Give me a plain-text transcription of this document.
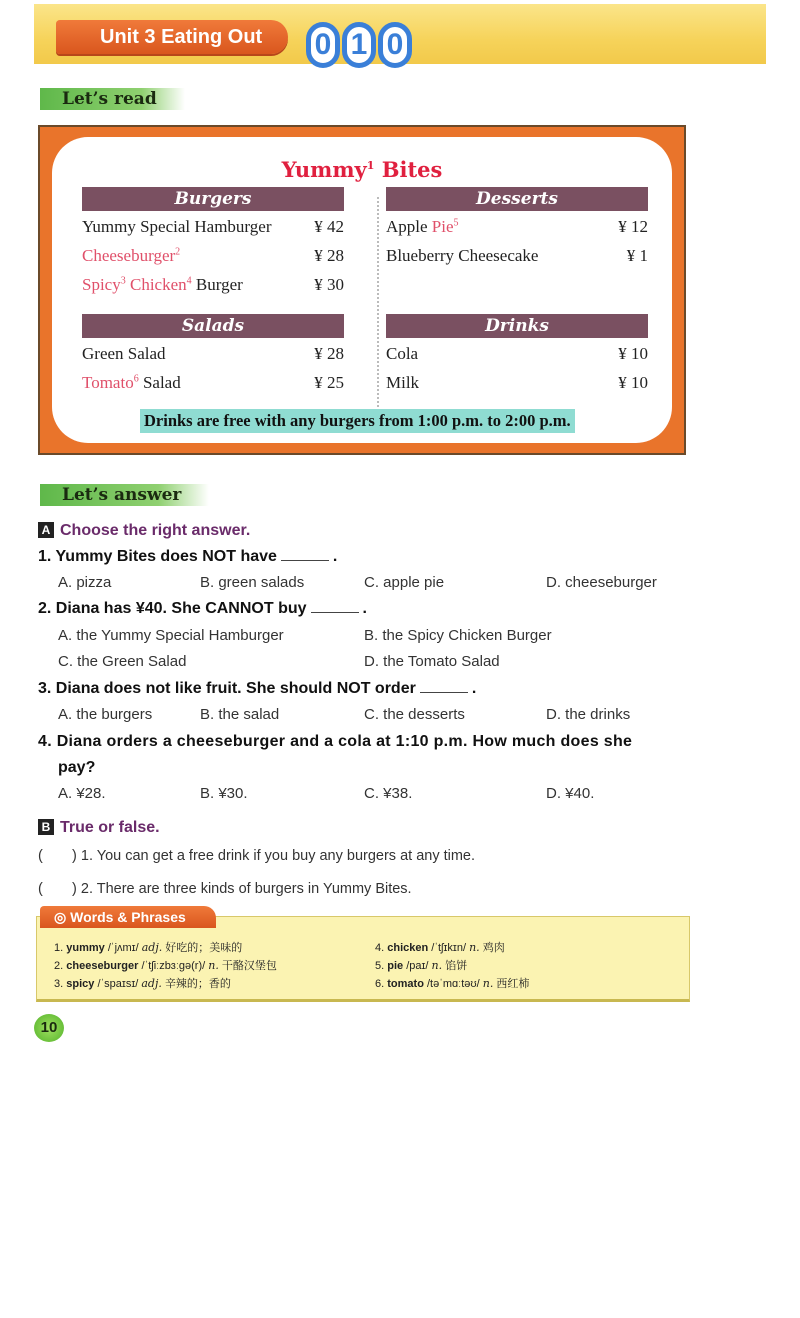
Unit 3 Eating Out	0 1 0
Let’s read
Yummy$^1$ Bites
Burgers
Yummy Special Hamburger	¥ 42
Cheeseburger$^2$	¥ 28
Spicy$^3$ Chicken$^4$ Burger	¥ 30
Desserts
Apple Pie$^5$	¥ 12
Blueberry Cheesecake	¥ 1
Salads
Green Salad	¥ 28
Tomato$^6$ Salad	¥ 25
Drinks
Cola	¥ 10
Milk	¥ 10
Drinks are free with any burgers from 1:00 p.m. to 2:00 p.m.
Let’s answer
A Choose the right answer.
1. Yummy Bites does NOT have	.
A. pizza	B. green salads	C. apple pie	D. cheeseburger
2. Diana has ¥40. She CANNOT buy	.
A. the Yummy Special Hamburger	B. the Spicy Chicken Burger
C. the Green Salad	D. the Tomato Salad
3. Diana does not like fruit. She should NOT order	.
A. the burgers	B. the salad	C. the desserts	D. the drinks
4. Diana orders a cheeseburger and a cola at 1:10 p.m. How much does she
pay?
A. ¥28.	B. ¥30.	C. ¥38.	D. ¥40.
B True or false.
( ) 1. You can get a free drink if you buy any burgers at any time.
( ) 2. There are three kinds of burgers in Yummy Bites.
◎ Words & Phrases
1. yummy /ˈjʌmɪ/ adj. 好吃的；美味的
2. cheeseburger /ˈtʃiːzbɜːgə(r)/ n. 干酪汉堡包
3. spicy /ˈspaɪsɪ/ adj. 辛辣的；香的
4. chicken /ˈtʃɪkɪn/ n. 鸡肉
5. pie /paɪ/ n. 馅饼
6. tomato /təˈmɑːtəʊ/ n. 西红柿
10
